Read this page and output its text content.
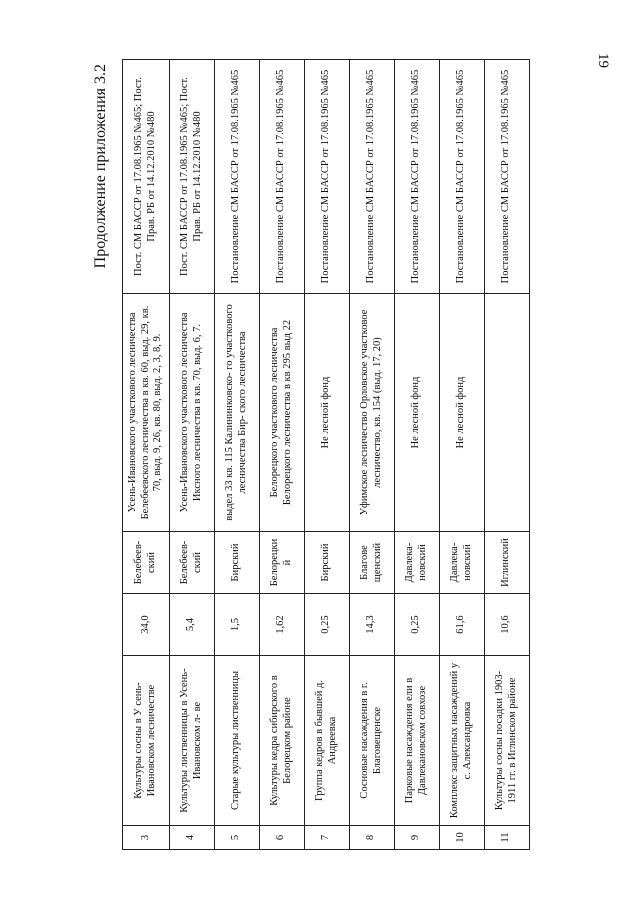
19
Продолжение приложения 3.2
3	Культуры сосны в У сень-Ивановском лесничестве	34,0	Белебеев-ский	Усень-Ивановского участкового лесничества Белебеевского лесничества в кв. 60, выд. 29, кв. 70, выд. 9, 26, кв. 80, выд. 2, 3, 8, 9.	Пост. СМ БАССР от 17.08.1965 №465; Пост. Прав. РБ от 14.12.2010 №480
4	Культуры лиственницы в Усень-Ивановском л- ве	5,4	Белебеев-ский	Усень-Ивановского участкового лесничества Иксного лесничества в кв. 70, выд. 6, 7.	Пост. СМ БАССР от 17.08.1965 №465; Пост. Прав. РБ от 14.12.2010 №480
5	Старые культуры лиственницы	1,5	Бирский	выдел 33 кв. 115 Калининковско- го участкового лесничества Бир- ского лесничества	Постановление СМ БАССР от 17.08.1965 №465
6	Культуры кедра сибирского в Белорецком районе	1,62	Белорецкий	Белорецкого участкового лесничества Белорецкого лесничества в кв 295 выд 22	Постановление СМ БАССР от 17.08.1965 №465
7	Группа кедров в бывшей д. Андреевка	0,25	Бирский	Не лесной фонд	Постановление СМ БАССР от 17.08.1965 №465
8	Сосновые насаждения в г. Благовещенске	14,3	Благове щенский	Уфимское лесничество Орловское участковое лесничество, кв. 154 (выд. 17, 20)	Постановление СМ БАССР от 17.08.1965 №465
9	Парковые насаждения ели в Давлекановском совхозе	0,25	Давлека-новский	Не лесной фонд	Постановление СМ БАССР от 17.08.1965 №465
10	Комплекс защитных насаждений у с. Александровка	61,6	Давлека-новский	Не лесной фонд	Постановление СМ БАССР от 17.08.1965 №465
11	Культуры сосны посадки 1903-1911 гг. в Иглинском районе	10,6	Иглинский		Постановление СМ БАССР от 17.08.1965 №465
